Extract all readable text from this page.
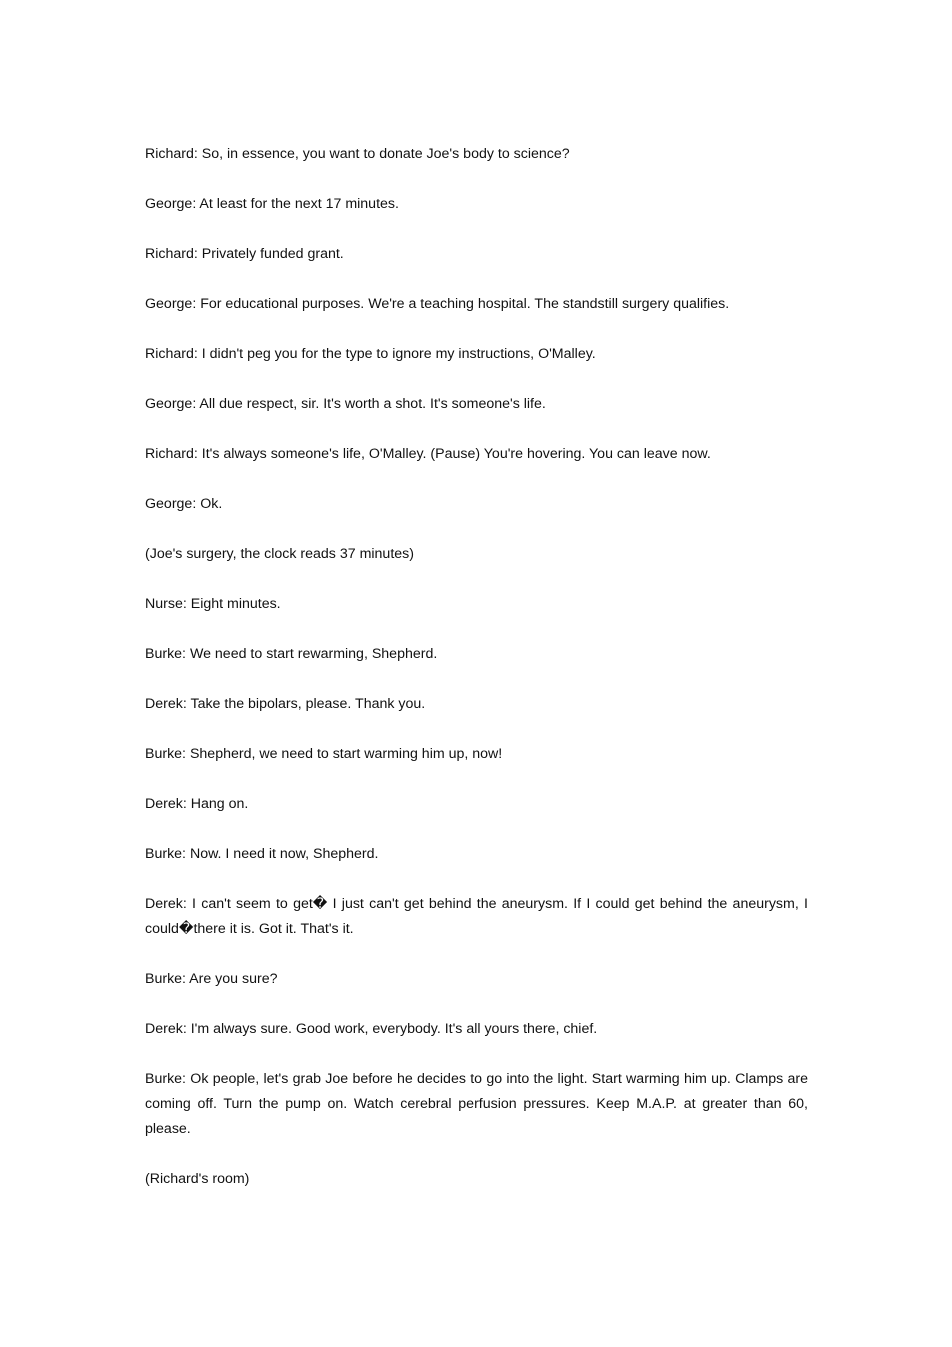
Richard: So, in essence, you want to donate Joe's body to science?

George: At least for the next 17 minutes.

Richard: Privately funded grant.

George: For educational purposes. We're a teaching hospital. The standstill surgery qualifies.

Richard: I didn't peg you for the type to ignore my instructions, O'Malley.

George: All due respect, sir. It's worth a shot. It's someone's life.

Richard: It's always someone's life, O'Malley. (Pause) You're hovering. You can leave now.

George: Ok.

(Joe's surgery, the clock reads 37 minutes)

Nurse: Eight minutes.

Burke: We need to start rewarming, Shepherd.

Derek: Take the bipolars, please. Thank you.

Burke: Shepherd, we need to start warming him up, now!

Derek: Hang on.

Burke: Now. I need it now, Shepherd.

Derek: I can't seem to get� I just can't get behind the aneurysm. If I could get behind the aneurysm, I could�there it is. Got it. That's it.

Burke: Are you sure?

Derek: I'm always sure. Good work, everybody. It's all yours there, chief.

Burke: Ok people, let's grab Joe before he decides to go into the light. Start warming him up. Clamps are coming off. Turn the pump on. Watch cerebral perfusion pressures. Keep M.A.P. at greater than 60, please.

(Richard's room)
